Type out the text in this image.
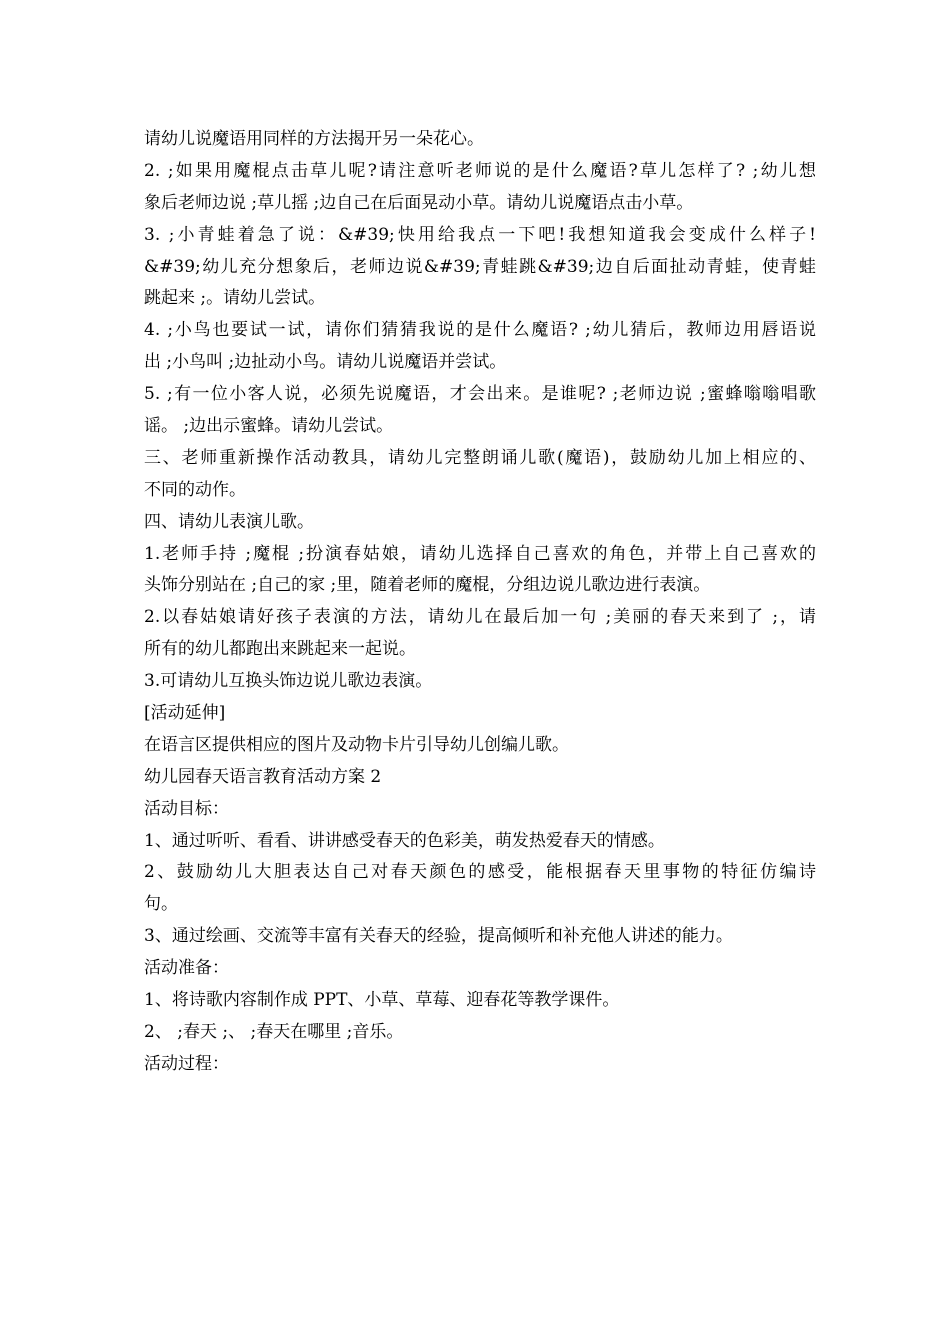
请幼儿说魔语用同样的方法揭开另一朵花心。
2. ;如果用魔棍点击草儿呢?请注意听老师说的是什么魔语?草儿怎样了? ;幼儿想
象后老师边说 ;草儿摇 ;边自己在后面晃动小草。请幼儿说魔语点击小草。
3. ;小青蛙着急了说：&#39;快用给我点一下吧!我想知道我会变成什么样子!
&#39;幼儿充分想象后，老师边说&#39;青蛙跳&#39;边自后面扯动青蛙，使青蛙
跳起来 ;。请幼儿尝试。
4. ;小鸟也要试一试，请你们猜猜我说的是什么魔语? ;幼儿猜后，教师边用唇语说
出 ;小鸟叫 ;边扯动小鸟。请幼儿说魔语并尝试。
5. ;有一位小客人说，必须先说魔语，才会出来。是谁呢? ;老师边说 ;蜜蜂嗡嗡唱歌
谣。 ;边出示蜜蜂。请幼儿尝试。
三、老师重新操作活动教具，请幼儿完整朗诵儿歌(魔语)，鼓励幼儿加上相应的、
不同的动作。
四、请幼儿表演儿歌。
1.老师手持 ;魔棍 ;扮演春姑娘，请幼儿选择自己喜欢的角色，并带上自己喜欢的
头饰分别站在 ;自己的家 ;里，随着老师的魔棍，分组边说儿歌边进行表演。
2.以春姑娘请好孩子表演的方法，请幼儿在最后加一句 ;美丽的春天来到了 ;，请
所有的幼儿都跑出来跳起来一起说。
3.可请幼儿互换头饰边说儿歌边表演。
[活动延伸]
在语言区提供相应的图片及动物卡片引导幼儿创编儿歌。
幼儿园春天语言教育活动方案 2
活动目标：
1、通过听听、看看、讲讲感受春天的色彩美，萌发热爱春天的情感。
2、鼓励幼儿大胆表达自己对春天颜色的感受，能根据春天里事物的特征仿编诗
句。
3、通过绘画、交流等丰富有关春天的经验，提高倾听和补充他人讲述的能力。
活动准备：
1、将诗歌内容制作成 PPT、小草、草莓、迎春花等教学课件。
2、 ;春天 ;、 ;春天在哪里 ;音乐。
活动过程：
